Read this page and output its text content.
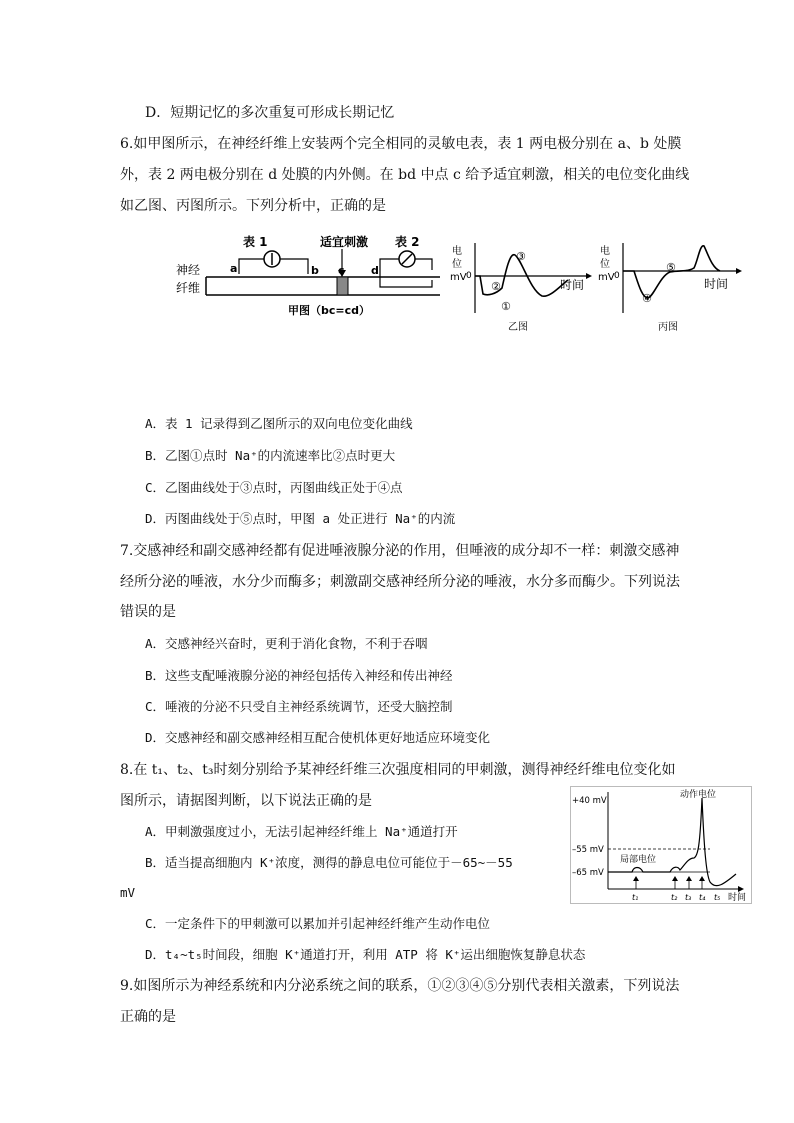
D．短期记忆的多次重复可形成长期记忆
6.如甲图所示，在神经纤维上安装两个完全相同的灵敏电表，表 1 两电极分别在 a、b 处膜
外，表 2 两电极分别在 d 处膜的内外侧。在 bd 中点 c 给予适宜刺激，相关的电位变化曲线
如乙图、丙图所示。下列分析中，正确的是
表 1	适宜刺激 表 2
神经
纤维
a	b c d
甲图（bc=cd）
电
位
mV 0
时间
①
②
③
乙图
电
位
mV 0
时间
④
⑤
丙图
A．表 1 记录得到乙图所示的双向电位变化曲线
B．乙图①点时 Na⁺的内流速率比②点时更大
C．乙图曲线处于③点时，丙图曲线正处于④点
D．丙图曲线处于⑤点时，甲图 a 处正进行 Na⁺的内流
7.交感神经和副交感神经都有促进唾液腺分泌的作用，但唾液的成分却不一样：刺激交感神
经所分泌的唾液，水分少而酶多；刺激副交感神经所分泌的唾液，水分多而酶少。下列说法
错误的是
A．交感神经兴奋时，更利于消化食物，不利于吞咽
B．这些支配唾液腺分泌的神经包括传入神经和传出神经
C．唾液的分泌不只受自主神经系统调节，还受大脑控制
D．交感神经和副交感神经相互配合使机体更好地适应环境变化
8.在 t₁、t₂、t₃时刻分别给予某神经纤维三次强度相同的甲刺激，测得神经纤维电位变化如
图所示，请据图判断，以下说法正确的是
A．甲刺激强度过小，无法引起神经纤维上 Na⁺通道打开
B．适当提高细胞内 K⁺浓度，测得的静息电位可能位于－65~－55
mV
C．一定条件下的甲刺激可以累加并引起神经纤维产生动作电位
D．t₄~t₅时间段，细胞 K⁺通道打开，利用 ATP 将 K⁺运出细胞恢复静息状态
+40 mV
–55 mV
–65 mV
动作电位
局部电位
t₁	t₂ t₃ t₄ t₅ 时间
9.如图所示为神经系统和内分泌系统之间的联系，①②③④⑤分别代表相关激素，下列说法
正确的是
